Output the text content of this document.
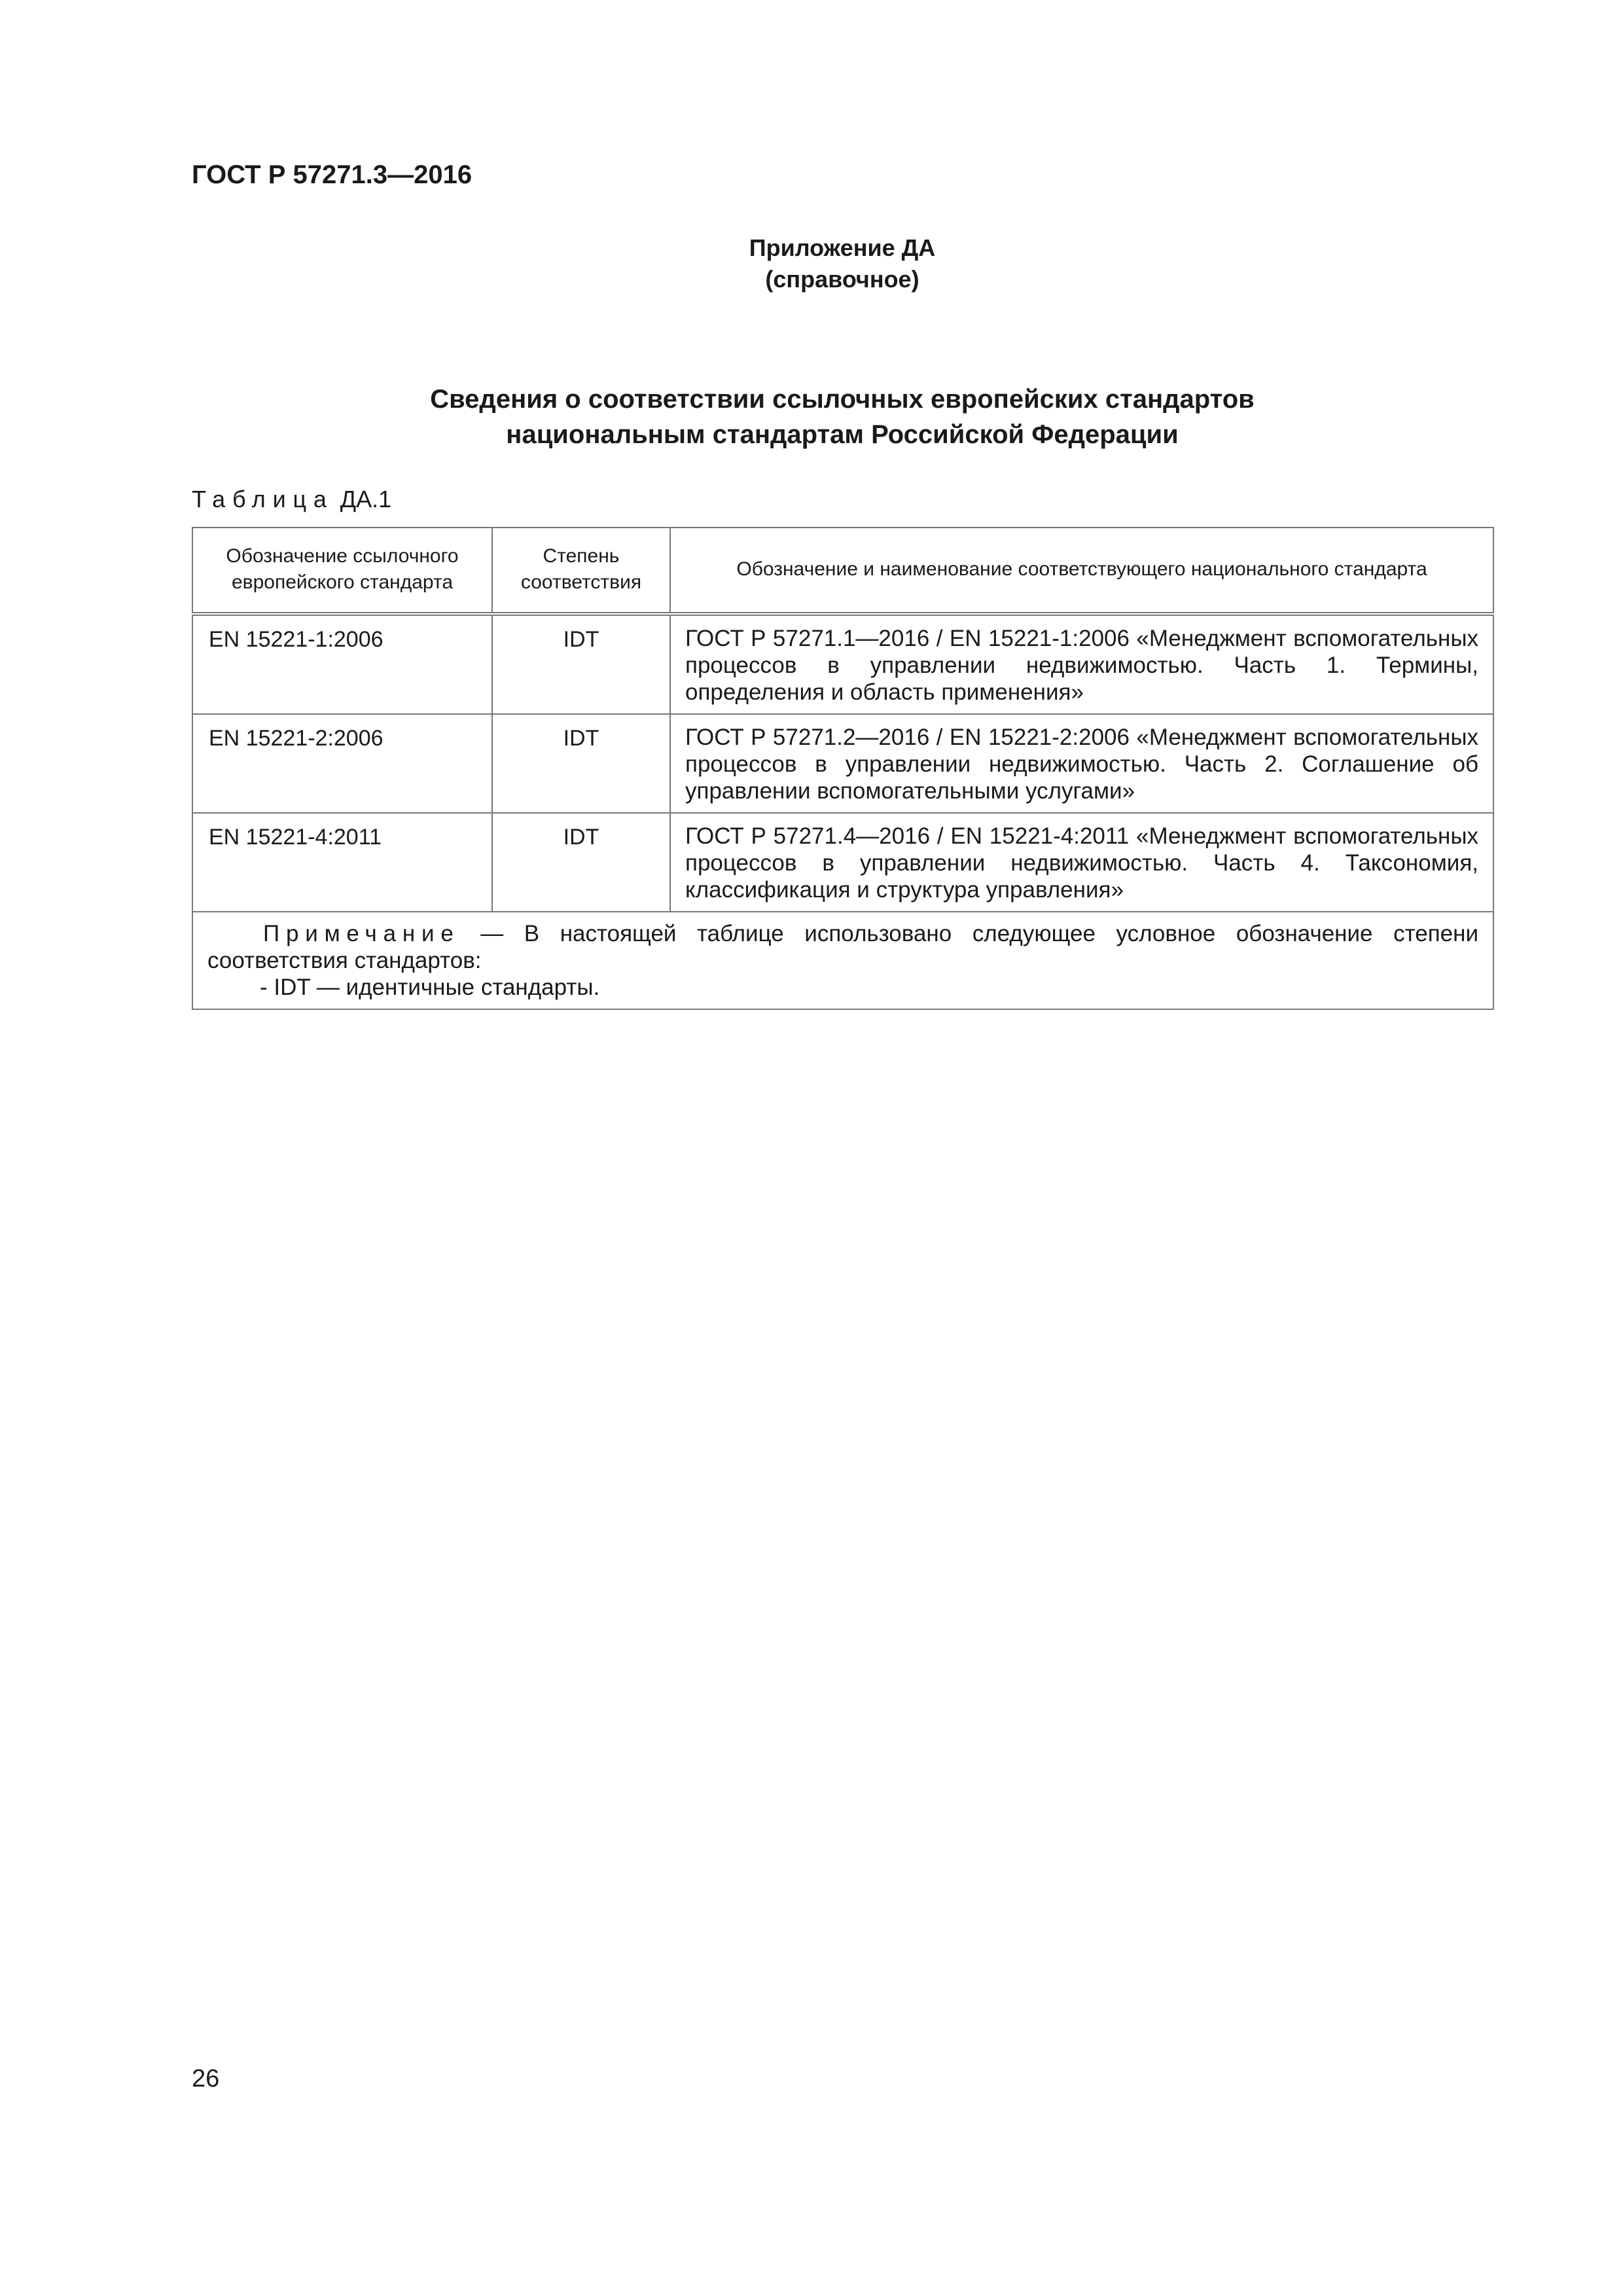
ГОСТ Р 57271.3—2016
Приложение ДА
(справочное)
Сведения о соответствии ссылочных европейских стандартов
национальным стандартам Российской Федерации
Таблица ДА.1
Обозначение ссылочного европейского стандарта	Степень соответствия	Обозначение и наименование соответствующего национального стандарта

EN 15221-1:2006	IDT	ГОСТ Р 57271.1—2016 / EN 15221-1:2006 «Менеджмент вспомогательных процессов в управлении недвижимостью. Часть 1. Термины, определения и область применения»
EN 15221-2:2006	IDT	ГОСТ Р 57271.2—2016 / EN 15221-2:2006 «Менеджмент вспомогательных процессов в управлении недвижимостью. Часть 2. Соглашение об управлении вспомогательными услугами»
EN 15221-4:2011	IDT	ГОСТ Р 57271.4—2016 / EN 15221-4:2011 «Менеджмент вспомогательных процессов в управлении недвижимостью. Часть 4. Таксономия, классификация и структура управления»

Примечание — В настоящей таблице использовано следующее условное обозначение степени соответствия стандартов:
- IDT — идентичные стандарты.		
26
